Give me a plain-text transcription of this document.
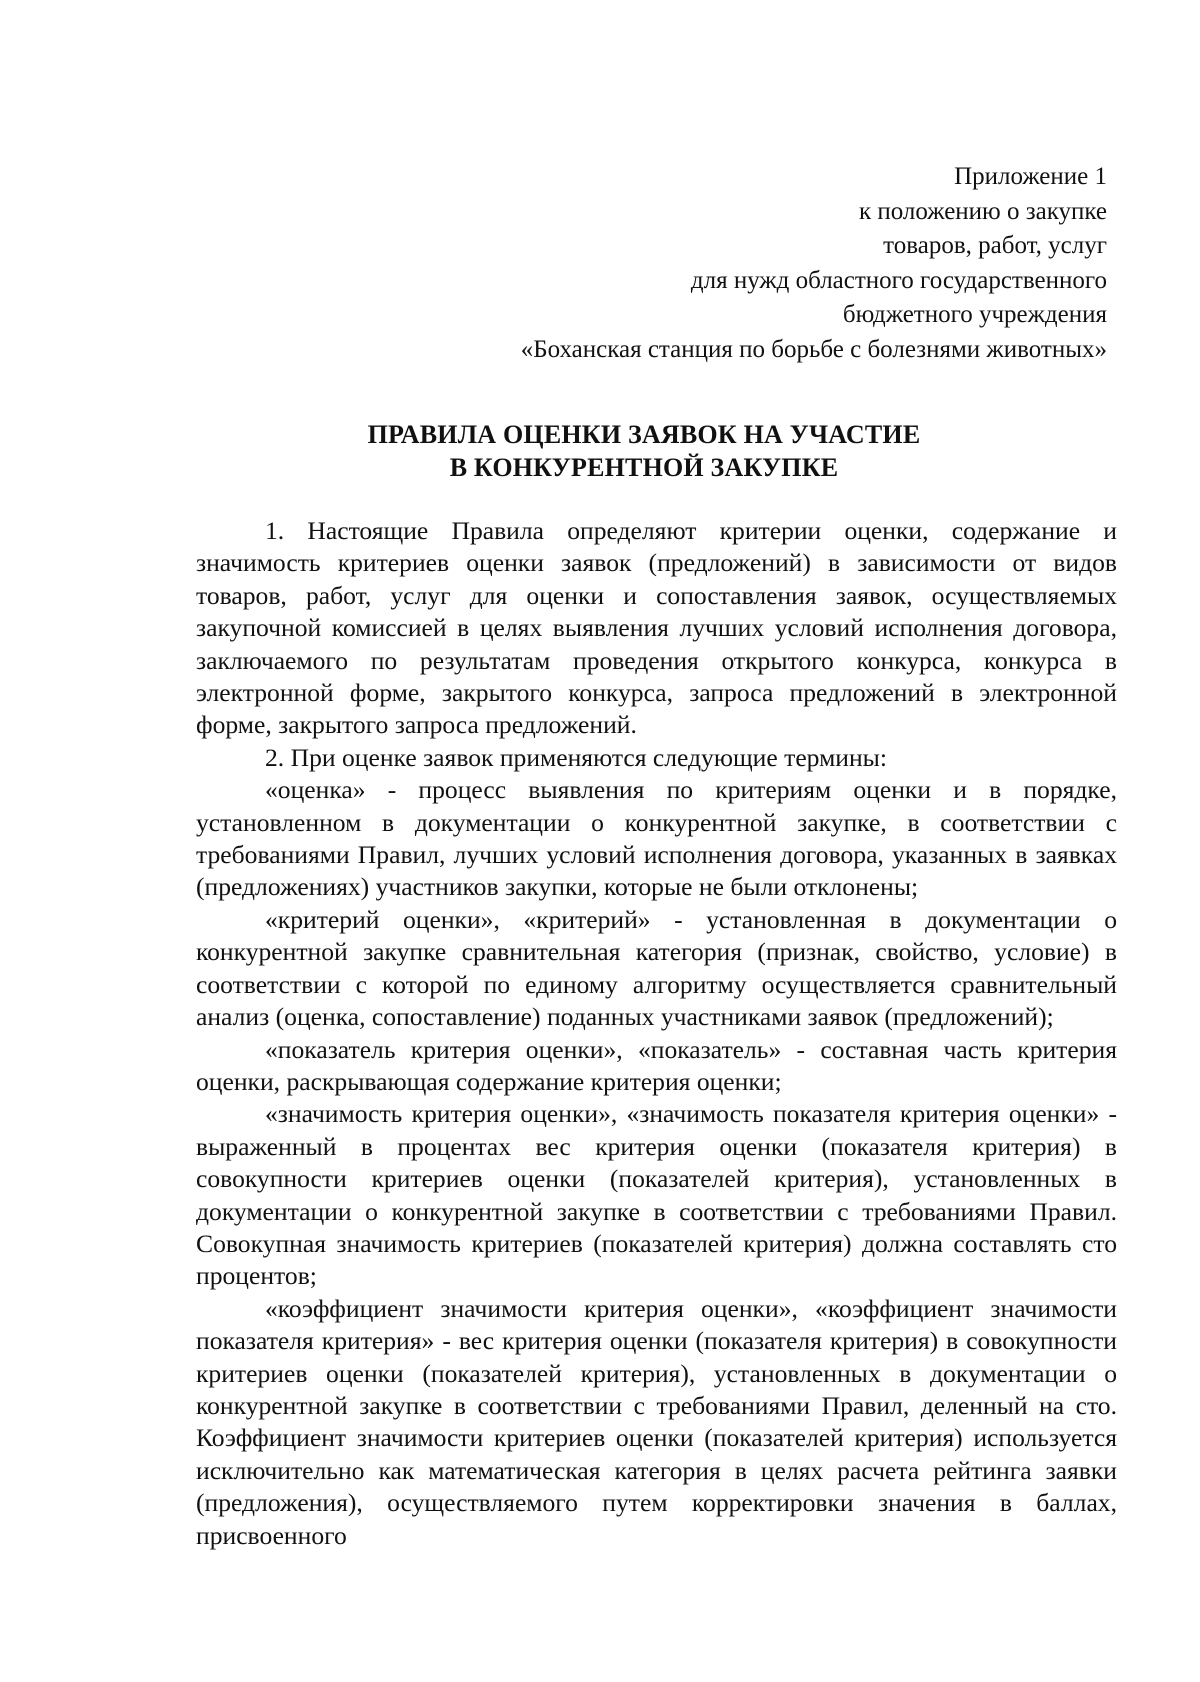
Приложение 1
к положению о закупке
товаров, работ, услуг
для нужд областного государственного
бюджетного учреждения
«Боханская станция по борьбе с болезнями животных»
ПРАВИЛА ОЦЕНКИ ЗАЯВОК НА УЧАСТИЕ
В КОНКУРЕНТНОЙ ЗАКУПКЕ

1. Настоящие Правила определяют критерии оценки, содержание и значимость критериев оценки заявок (предложений) в зависимости от видов товаров, работ, услуг для оценки и сопоставления заявок, осуществляемых закупочной комиссией в целях выявления лучших условий исполнения договора, заключаемого по результатам проведения открытого конкурса, конкурса в электронной форме, закрытого конкурса, запроса предложений в электронной форме, закрытого запроса предложений.

2. При оценке заявок применяются следующие термины:

«оценка» - процесс выявления по критериям оценки и в порядке, установленном в документации о конкурентной закупке, в соответствии с требованиями Правил, лучших условий исполнения договора, указанных в заявках (предложениях) участников закупки, которые не были отклонены;

«критерий оценки», «критерий» - установленная в документации о конкурентной закупке сравнительная категория (признак, свойство, условие) в соответствии с которой по единому алгоритму осуществляется сравнительный анализ (оценка, сопоставление) поданных участниками заявок (предложений);

«показатель критерия оценки», «показатель» - составная часть критерия оценки, раскрывающая содержание критерия оценки;

«значимость критерия оценки», «значимость показателя критерия оценки» - выраженный в процентах вес критерия оценки (показателя критерия) в совокупности критериев оценки (показателей критерия), установленных в документации о конкурентной закупке в соответствии с требованиями Правил. Совокупная значимость критериев (показателей критерия) должна составлять сто процентов;

«коэффициент значимости критерия оценки», «коэффициент значимости показателя критерия» - вес критерия оценки (показателя критерия) в совокупности критериев оценки (показателей критерия), установленных в документации о конкурентной закупке в соответствии с требованиями Правил, деленный на сто. Коэффициент значимости критериев оценки (показателей критерия) используется исключительно как математическая категория в целях расчета рейтинга заявки (предложения), осуществляемого путем корректировки значения в баллах, присвоенного
